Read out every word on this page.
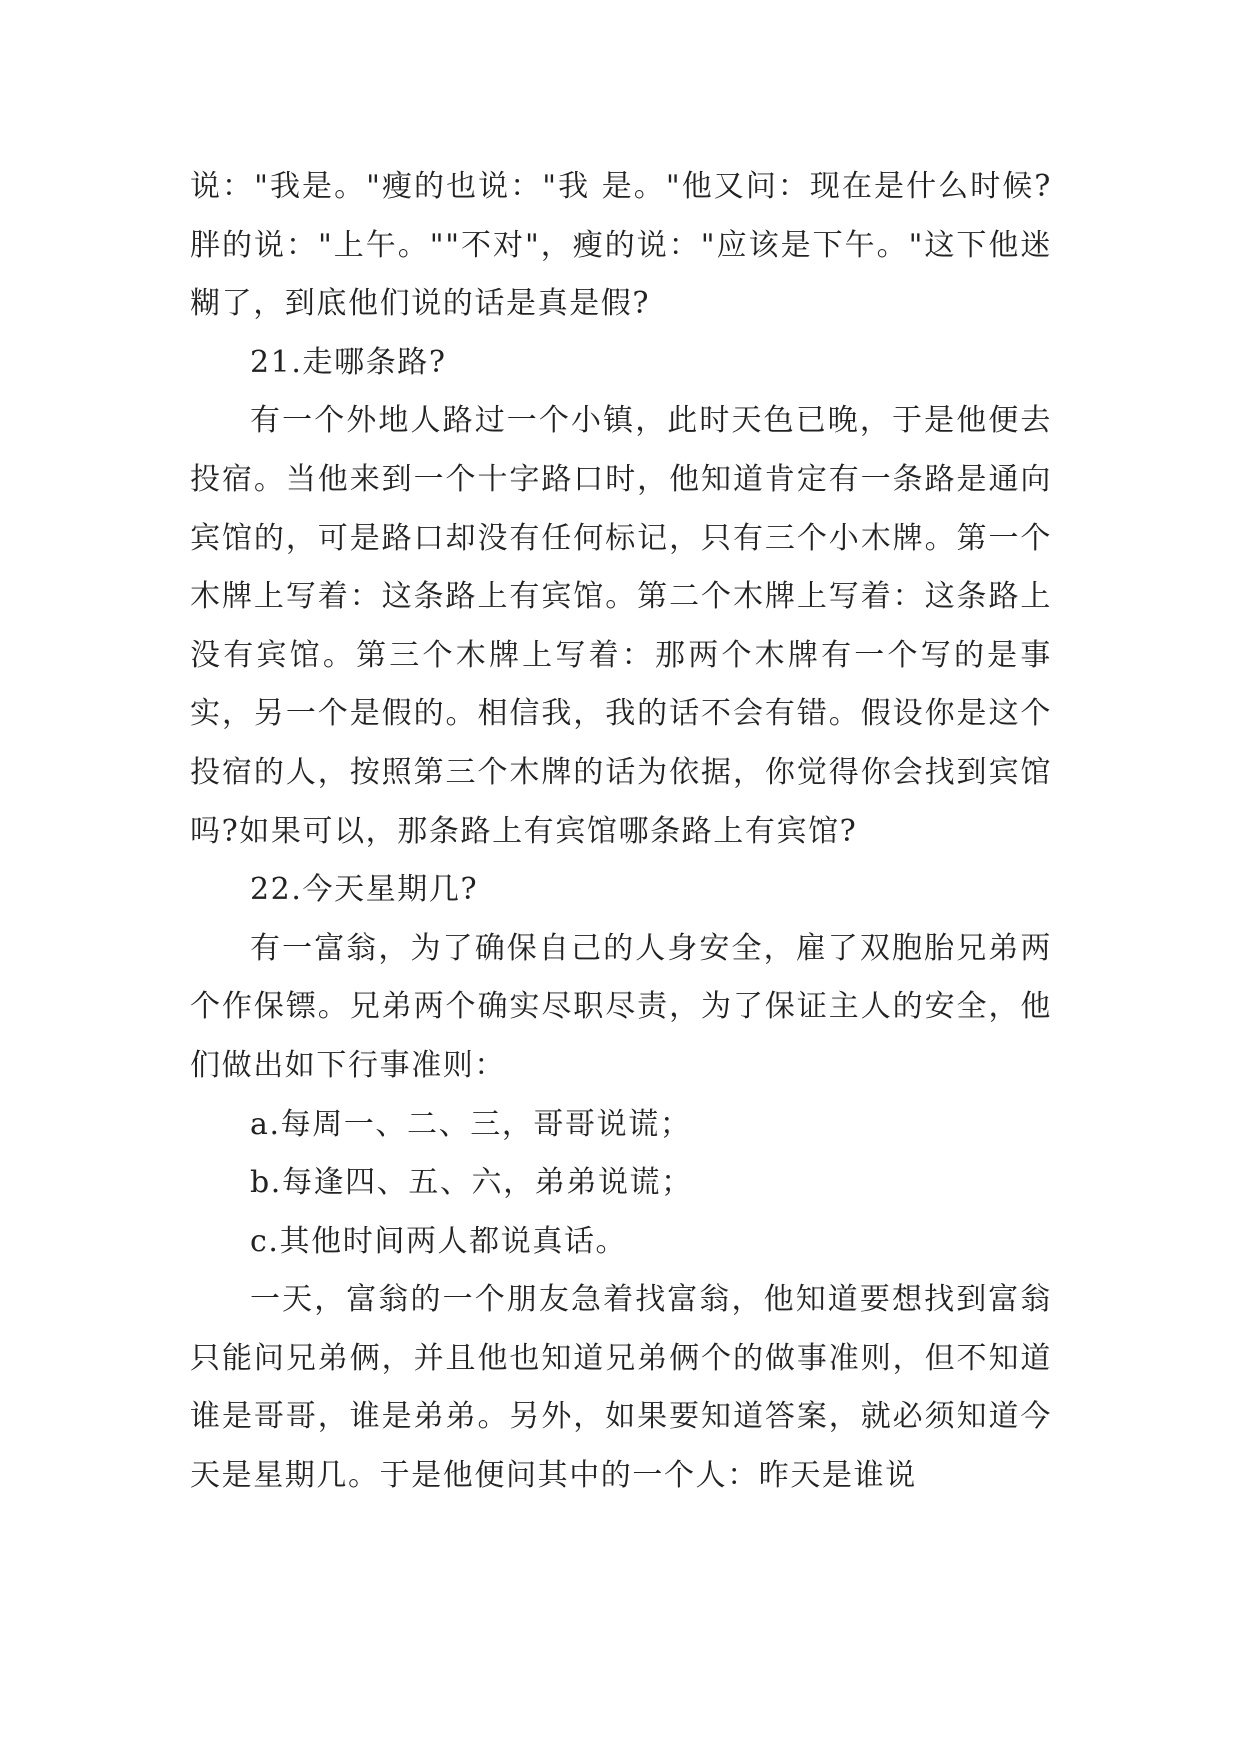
说："我是。"瘦的也说："我 是。"他又问：现在是什么时候?胖的说："上午。""不对"，瘦的说："应该是下午。"这下他迷糊了，到底他们说的话是真是假?

21.走哪条路?

有一个外地人路过一个小镇，此时天色已晚，于是他便去投宿。当他来到一个十字路口时，他知道肯定有一条路是通向宾馆的，可是路口却没有任何标记，只有三个小木牌。第一个木牌上写着：这条路上有宾馆。第二个木牌上写着：这条路上没有宾馆。第三个木牌上写着：那两个木牌有一个写的是事实，另一个是假的。相信我，我的话不会有错。假设你是这个投宿的人，按照第三个木牌的话为依据，你觉得你会找到宾馆吗?如果可以，那条路上有宾馆哪条路上有宾馆?

22.今天星期几?

有一富翁，为了确保自己的人身安全，雇了双胞胎兄弟两个作保镖。兄弟两个确实尽职尽责，为了保证主人的安全，他们做出如下行事准则：

a.每周一、二、三，哥哥说谎；

b.每逢四、五、六，弟弟说谎；

c.其他时间两人都说真话。

一天，富翁的一个朋友急着找富翁，他知道要想找到富翁只能问兄弟俩，并且他也知道兄弟俩个的做事准则，但不知道谁是哥哥，谁是弟弟。另外，如果要知道答案，就必须知道今天是星期几。于是他便问其中的一个人：昨天是谁说
